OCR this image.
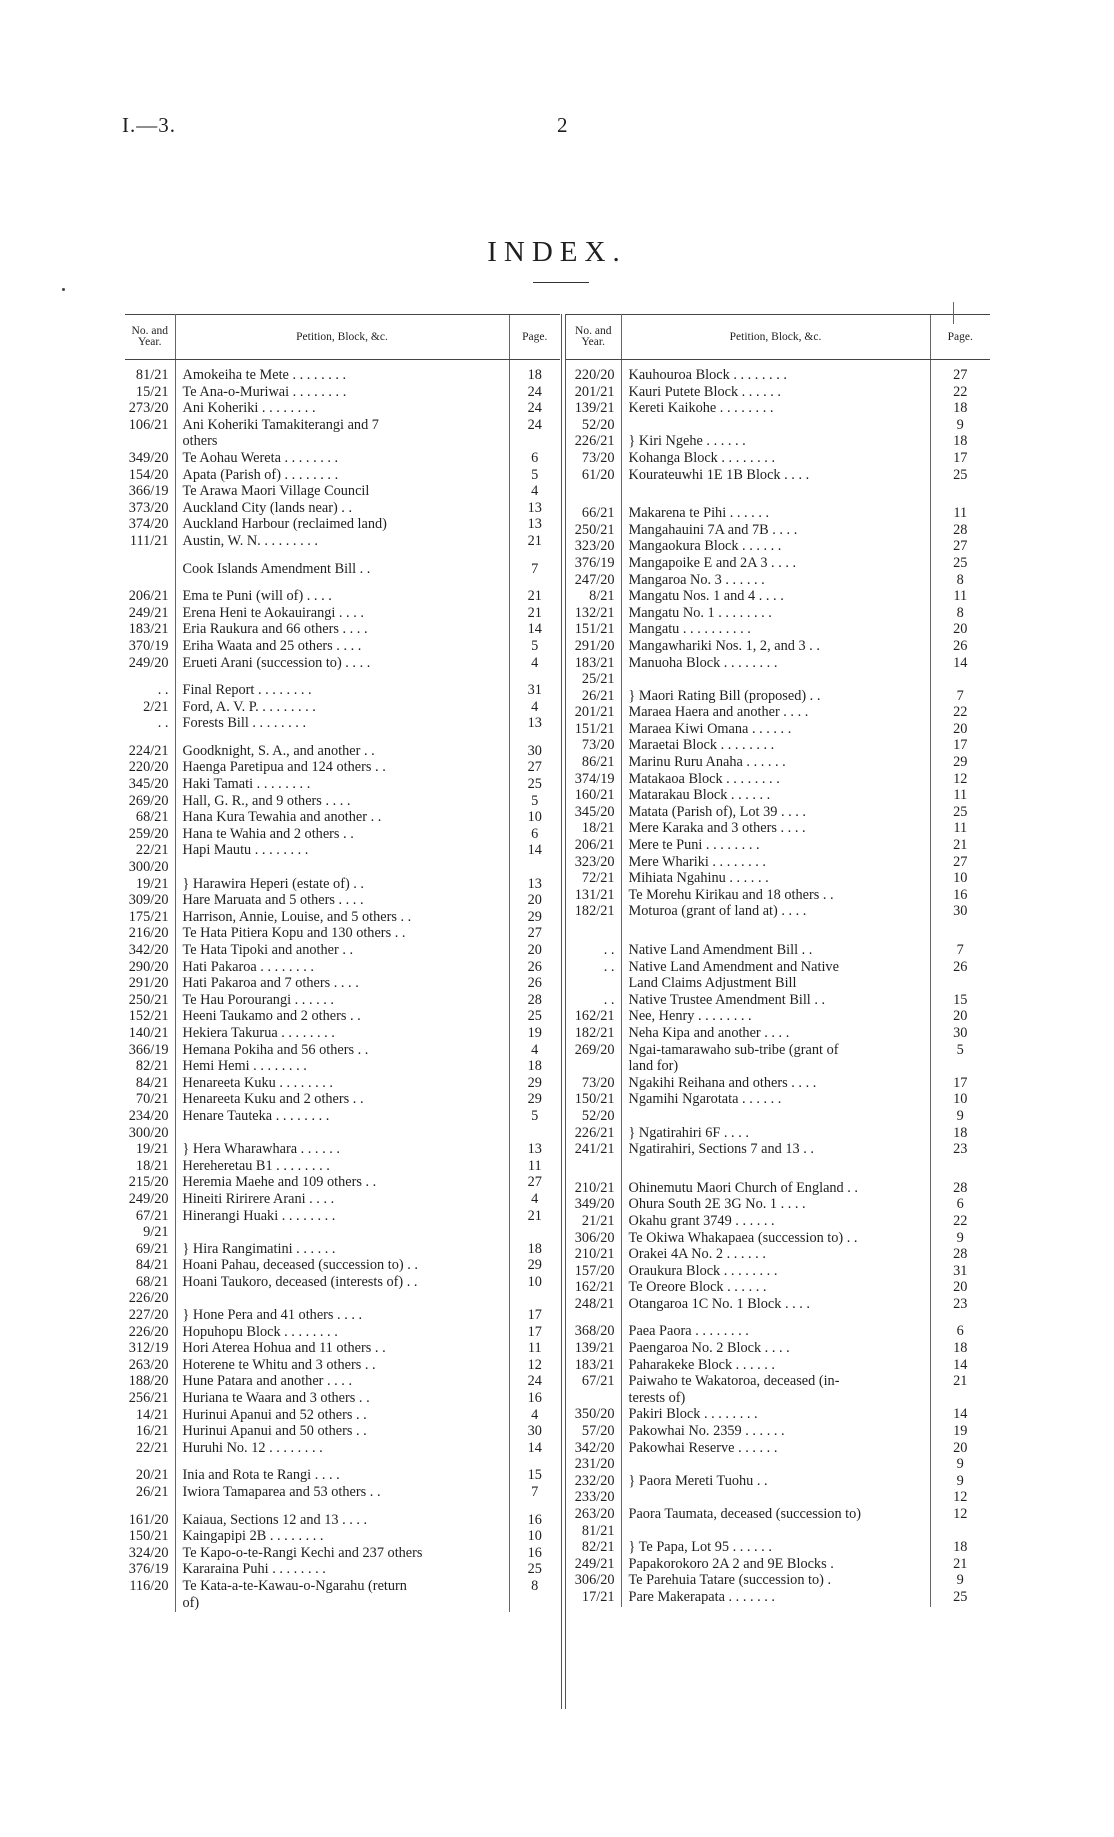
I.—3.	2
INDEX.
No. and Year.	Petition, Block, &c.	Page.
81/21	Amokeiha te Mete . . . . . . . .	18
15/21	Te Ana-o-Muriwai . . . . . . . .	24
273/20	Ani Koheriki . . . . . . . .	24
106/21	Ani Koheriki Tamakiterangi and 7	24
	others	
349/20	Te Aohau Wereta . . . . . . . .	6
154/20	Apata (Parish of) . . . . . . . .	5
366/19	Te Arawa Maori Village Council	4
373/20	Auckland City (lands near) . .	13
374/20	Auckland Harbour (reclaimed land)	13
111/21	Austin, W. N. . . . . . . . .	21

	Cook Islands Amendment Bill . .	7

206/21	Ema te Puni (will of) . . . .	21
249/21	Erena Heni te Aokauirangi . . . .	21
183/21	Eria Raukura and 66 others . . . .	14
370/19	Eriha Waata and 25 others . . . .	5
249/20	Erueti Arani (succession to) . . . .	4

. .	Final Report . . . . . . . .	31
2/21	Ford, A. V. P. . . . . . . . .	4
. .	Forests Bill . . . . . . . .	13

224/21	Goodknight, S. A., and another . .	30
220/20	Haenga Paretipua and 124 others . .	27
345/20	Haki Tamati . . . . . . . .	25
269/20	Hall, G. R., and 9 others . . . .	5
68/21	Hana Kura Tewahia and another . .	10
259/20	Hana te Wahia and 2 others . .	6
22/21	Hapi Mautu . . . . . . . .	14
300/20		
19/21	} Harawira Heperi (estate of) . .	13
309/20	Hare Maruata and 5 others . . . .	20
175/21	Harrison, Annie, Louise, and 5 others . .	29
216/20	Te Hata Pitiera Kopu and 130 others . .	27
342/20	Te Hata Tipoki and another . .	20
290/20	Hati Pakaroa . . . . . . . .	26
291/20	Hati Pakaroa and 7 others . . . .	26
250/21	Te Hau Porourangi . . . . . .	28
152/21	Heeni Taukamo and 2 others . .	25
140/21	Hekiera Takurua . . . . . . . .	19
366/19	Hemana Pokiha and 56 others . .	4
82/21	Hemi Hemi . . . . . . . .	18
84/21	Henareeta Kuku . . . . . . . .	29
70/21	Henareeta Kuku and 2 others . .	29
234/20	Henare Tauteka . . . . . . . .	5
300/20		
19/21	} Hera Wharawhara . . . . . .	13
18/21	Hereheretau B1 . . . . . . . .	11
215/20	Heremia Maehe and 109 others . .	27
249/20	Hineiti Ririrere Arani . . . .	4
67/21	Hinerangi Huaki . . . . . . . .	21
9/21		
69/21	} Hira Rangimatini . . . . . .	18
84/21	Hoani Pahau, deceased (succession to) . .	29
68/21	Hoani Taukoro, deceased (interests of) . .	10
226/20		
227/20	} Hone Pera and 41 others . . . .	17
226/20	Hopuhopu Block . . . . . . . .	17
312/19	Hori Aterea Hohua and 11 others . .	11
263/20	Hoterene te Whitu and 3 others . .	12
188/20	Hune Patara and another . . . .	24
256/21	Huriana te Waara and 3 others . .	16
14/21	Hurinui Apanui and 52 others . .	4
16/21	Hurinui Apanui and 50 others . .	30
22/21	Huruhi No. 12 . . . . . . . .	14

20/21	Inia and Rota te Rangi . . . .	15
26/21	Iwiora Tamaparea and 53 others . .	7

161/20	Kaiaua, Sections 12 and 13 . . . .	16
150/21	Kaingapipi 2B . . . . . . . .	10
324/20	Te Kapo-o-te-Rangi Kechi and 237 others	16
376/19	Kararaina Puhi . . . . . . . .	25
116/20	Te Kata-a-te-Kawau-o-Ngarahu (return	8
	of)	
No. and Year.	Petition, Block, &c.	Page.
220/20	Kauhouroa Block . . . . . . . .	27
201/21	Kauri Putete Block . . . . . .	22
139/21	Kereti Kaikohe . . . . . . . .	18
52/20		9
226/21	} Kiri Ngehe . . . . . .	18
73/20	Kohanga Block . . . . . . . .	17
61/20	Kourateuwhi 1E 1B Block . . . .	25

66/21	Makarena te Pihi . . . . . .	11
250/21	Mangahauini 7A and 7B . . . .	28
323/20	Mangaokura Block . . . . . .	27
376/19	Mangapoike E and 2A 3 . . . .	25
247/20	Mangaroa No. 3 . . . . . .	8
8/21	Mangatu Nos. 1 and 4 . . . .	11
132/21	Mangatu No. 1 . . . . . . . .	8
151/21	Mangatu . . . . . . . . . .	20
291/20	Mangawhariki Nos. 1, 2, and 3 . .	26
183/21	Manuoha Block . . . . . . . .	14
25/21		
26/21	} Maori Rating Bill (proposed) . .	7
201/21	Maraea Haera and another . . . .	22
151/21	Maraea Kiwi Omana . . . . . .	20
73/20	Maraetai Block . . . . . . . .	17
86/21	Marinu Ruru Anaha . . . . . .	29
374/19	Matakaoa Block . . . . . . . .	12
160/21	Matarakau Block . . . . . .	11
345/20	Matata (Parish of), Lot 39 . . . .	25
18/21	Mere Karaka and 3 others . . . .	11
206/21	Mere te Puni . . . . . . . .	21
323/20	Mere Whariki . . . . . . . .	27
72/21	Mihiata Ngahinu . . . . . .	10
131/21	Te Morehu Kirikau and 18 others . .	16
182/21	Moturoa (grant of land at) . . . .	30

. .	Native Land Amendment Bill . .	7
. .	Native Land Amendment and Native	26
	Land Claims Adjustment Bill	
. .	Native Trustee Amendment Bill . .	15
162/21	Nee, Henry . . . . . . . .	20
182/21	Neha Kipa and another . . . .	30
269/20	Ngai-tamarawaho sub-tribe (grant of	5
	land for)	
73/20	Ngakihi Reihana and others . . . .	17
150/21	Ngamihi Ngarotata . . . . . .	10
52/20		9
226/21	} Ngatirahiri 6F . . . .	18
241/21	Ngatirahiri, Sections 7 and 13 . .	23

210/21	Ohinemutu Maori Church of England . .	28
349/20	Ohura South 2E 3G No. 1 . . . .	6
21/21	Okahu grant 3749 . . . . . .	22
306/20	Te Okiwa Whakapaea (succession to) . .	9
210/21	Orakei 4A No. 2 . . . . . .	28
157/20	Oraukura Block . . . . . . . .	31
162/21	Te Oreore Block . . . . . .	20
248/21	Otangaroa 1C No. 1 Block . . . .	23

368/20	Paea Paora . . . . . . . .	6
139/21	Paengaroa No. 2 Block . . . .	18
183/21	Paharakeke Block . . . . . .	14
67/21	Paiwaho te Wakatoroa, deceased (in-	21
	terests of)	
350/20	Pakiri Block . . . . . . . .	14
57/20	Pakowhai No. 2359 . . . . . .	19
342/20	Pakowhai Reserve . . . . . .	20
231/20		9
232/20	} Paora Mereti Tuohu . .	9
233/20		12
263/20	Paora Taumata, deceased (succession to)	12
81/21		
82/21	} Te Papa, Lot 95 . . . . . .	18
249/21	Papakorokoro 2A 2 and 9E Blocks .	21
306/20	Te Parehuia Tatare (succession to) .	9
17/21	Pare Makerapata . . . . . . .	25
